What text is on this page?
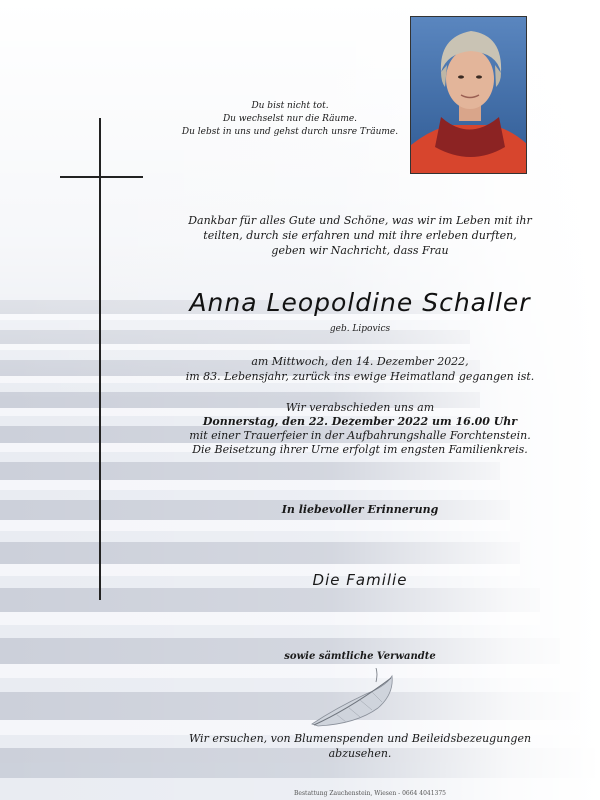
Du bist nicht tot.
Du wechselst nur die Räume.
Du lebst in uns und gehst durch unsre Träume.
Dankbar für alles Gute und Schöne, was wir im Leben mit ihr
teilten, durch sie erfahren und mit ihre erleben durften,
geben wir Nachricht, dass Frau
Anna Leopoldine Schaller
geb. Lipovics
am Mittwoch, den 14. Dezember 2022,
im 83. Lebensjahr, zurück ins ewige Heimatland gegangen ist.
Wir verabschieden uns am
Donnerstag, den 22. Dezember 2022 um 16.00 Uhr
mit einer Trauerfeier in der Aufbahrungshalle Forchtenstein.
Die Beisetzung ihrer Urne erfolgt im engsten Familienkreis.
In liebevoller Erinnerung
Die Familie
sowie sämtliche Verwandte
Wir ersuchen, von Blumenspenden und Beileidsbezeugungen
abzusehen.
Bestattung Zauchenstein, Wiesen - 0664 4041375
